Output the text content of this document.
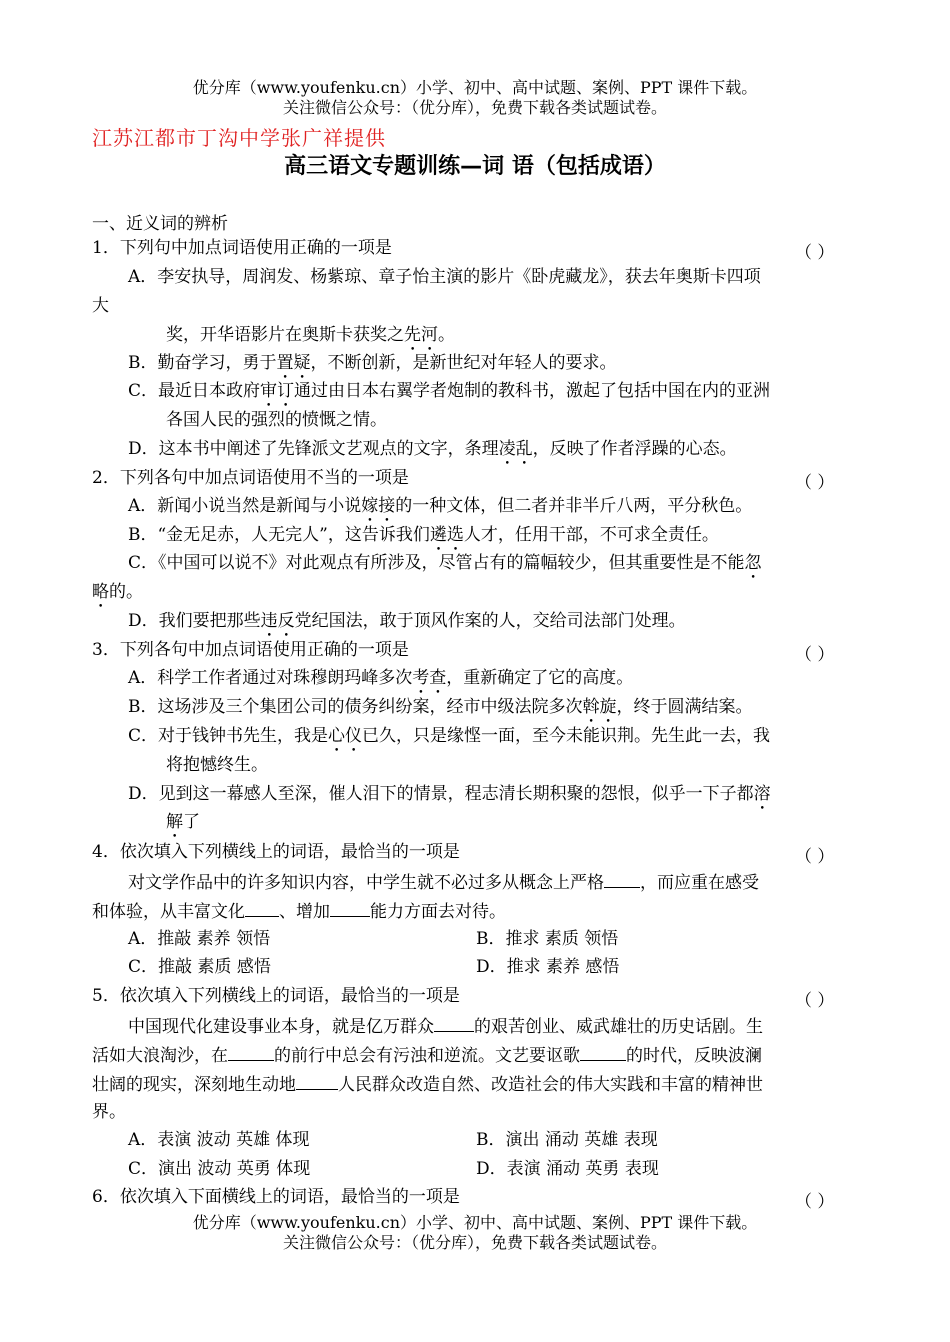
优分库（www.youfenku.cn）小学、初中、高中试题、案例、PPT 课件下载。
关注微信公众号：（优分库），免费下载各类试题试卷。
江苏江都市丁沟中学张广祥提供
高三语文专题训练—词 语（包括成语）
一、近义词的辨析
1．下列句中加点词语使用正确的一项是	（ ）
A．李安执导，周润发、杨紫琼、章子怡主演的影片《卧虎藏龙》，获去年奥斯卡四项
大
奖，开华语影片在奥斯卡获奖之先河。
B．勤奋学习，勇于置疑，不断创新，是新世纪对年轻人的要求。
C．最近日本政府审订通过由日本右翼学者炮制的教科书，激起了包括中国在内的亚洲
各国人民的强烈的愤慨之情。
D．这本书中阐述了先锋派文艺观点的文字，条理凌乱，反映了作者浮躁的心态。
2．下列各句中加点词语使用不当的一项是	（ ）
A．新闻小说当然是新闻与小说嫁接的一种文体，但二者并非半斤八两，平分秋色。
B．“金无足赤，人无完人”，这告诉我们遴选人才，任用干部，不可求全责任。
C．《中国可以说不》对此观点有所涉及，尽管占有的篇幅较少，但其重要性是不能忽
略的。
D．我们要把那些违反党纪国法，敢于顶风作案的人，交给司法部门处理。
3．下列各句中加点词语使用正确的一项是	（ ）
A．科学工作者通过对珠穆朗玛峰多次考查，重新确定了它的高度。
B．这场涉及三个集团公司的债务纠纷案，经市中级法院多次斡旋，终于圆满结案。
C．对于钱钟书先生，我是心仪已久，只是缘悭一面，至今未能识荆。先生此一去，我
将抱憾终生。
D．见到这一幕感人至深，催人泪下的情景，程志清长期积聚的怨恨，似乎一下子都溶
解了
4．依次填入下列横线上的词语，最恰当的一项是	（ ）
对文学作品中的许多知识内容，中学生就不必过多从概念上严格 ，而应重在感受
和体验，从丰富文化 、增加 能力方面去对待。
A．推敲 素养 领悟	B．推求 素质 领悟
C．推敲 素质 感悟	D．推求 素养 感悟
5．依次填入下列横线上的词语，最恰当的一项是	（ ）
中国现代化建设事业本身，就是亿万群众 的艰苦创业、威武雄壮的历史话剧。生
活如大浪淘沙，在	的前行中总会有污浊和逆流。文艺要讴歌	的时代，反映波澜
壮阔的现实，深刻地生动地 人民群众改造自然、改造社会的伟大实践和丰富的精神世
界。
A．表演 波动 英雄 体现	B．演出 涌动 英雄 表现
C．演出 波动 英勇 体现	D．表演 涌动 英勇 表现
6．依次填入下面横线上的词语，最恰当的一项是	（ ）
优分库（www.youfenku.cn）小学、初中、高中试题、案例、PPT 课件下载。
关注微信公众号：（优分库），免费下载各类试题试卷。
